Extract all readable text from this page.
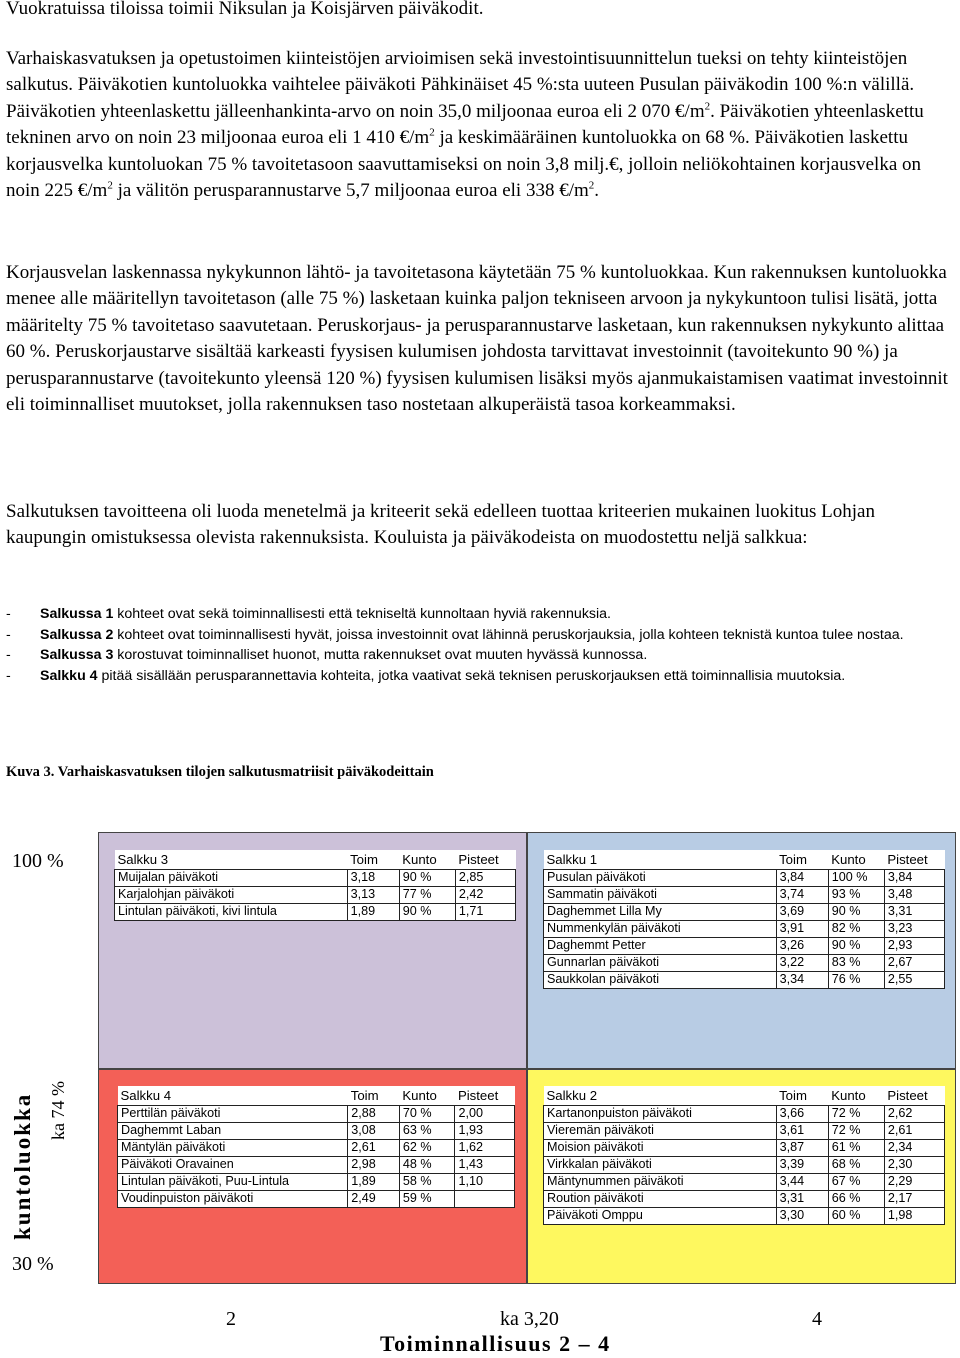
Vuokratuissa tiloissa toimii Niksulan ja Koisjärven päiväkodit.

Varhaiskasvatuksen ja opetustoimen kiinteistöjen arvioimisen sekä investointisuunnittelun tueksi on tehty kiinteistöjen salkutus. Päiväkotien kuntoluokka vaihtelee päiväkoti Pähkinäiset 45 %:sta uuteen Pusulan päiväkodin 100 %:n välillä. Päiväkotien yhteenlaskettu jälleenhankinta-arvo on noin 35,0 miljoonaa euroa eli 2 070 $€/m^2$. Päiväkotien yhteenlaskettu tekninen arvo on noin 23 miljoonaa euroa eli 1 410 $€/m^2$ ja keskimääräinen kuntoluokka on 68 %. Päiväkotien laskettu korjausvelka kuntoluokan 75 % tavoitetasoon saavuttamiseksi on noin 3,8 milj.€, jolloin neliökohtainen korjausvelka on noin 225 $€/m^2$ ja välitön perusparannustarve 5,7 miljoonaa euroa eli 338 $€/m^2$.

Korjausvelan laskennassa nykykunnon lähtö- ja tavoitetasona käytetään 75 % kuntoluokkaa. Kun rakennuksen kuntoluokka menee alle määritellyn tavoitetason (alle 75 %) lasketaan kuinka paljon tekniseen arvoon ja nykykuntoon tulisi lisätä, jotta määritelty 75 % tavoitetaso saavutetaan. Peruskorjaus- ja perusparannustarve lasketaan, kun rakennuksen nykykunto alittaa 60 %. Peruskorjaustarve sisältää karkeasti fyysisen kulumisen johdosta tarvittavat investoinnit (tavoitekunto 90 %) ja perusparannustarve (tavoitekunto yleensä 120 %) fyysisen kulumisen lisäksi myös ajanmukaistamisen vaatimat investoinnit eli toiminnalliset muutokset, jolla rakennuksen taso nostetaan alkuperäistä tasoa korkeammaksi.

Salkutuksen tavoitteena oli luoda menetelmä ja kriteerit sekä edelleen tuottaa kriteerien mukainen luokitus Lohjan kaupungin omistuksessa olevista rakennuksista. Kouluista ja päiväkodeista on muodostettu neljä salkkua:

-	Salkussa 1 kohteet ovat sekä toiminnallisesti että tekniseltä kunnoltaan hyviä rakennuksia.
-	Salkussa 2 kohteet ovat toiminnallisesti hyvät, joissa investoinnit ovat lähinnä peruskorjauksia, jolla kohteen teknistä kuntoa tulee nostaa.
-	Salkussa 3 korostuvat toiminnalliset huonot, mutta rakennukset ovat muuten hyvässä kunnossa.
-	Salkku 4 pitää sisällään perusparannettavia kohteita, jotka vaativat sekä teknisen peruskorjauksen että toiminnallisia muutoksia.
Kuva 3. Varhaiskasvatuksen tilojen salkutusmatriisit päiväkodeittain
Salkku 3	Toim	Kunto	Pisteet
Muijalan päiväkoti	3,18	90 %	2,85
Karjalohjan päiväkoti	3,13	77 %	2,42
Lintulan päiväkoti, kivi lintula	1,89	90 %	1,71
Salkku 1	Toim	Kunto	Pisteet
Pusulan päiväkoti	3,84	100 %	3,84
Sammatin päiväkoti	3,74	93 %	3,48
Daghemmet Lilla My	3,69	90 %	3,31
Nummenkylän päiväkoti	3,91	82 %	3,23
Daghemmt Petter	3,26	90 %	2,93
Gunnarlan päiväkoti	3,22	83 %	2,67
Saukkolan päiväkoti	3,34	76 %	2,55
Salkku 4	Toim	Kunto	Pisteet
Perttilän päiväkoti	2,88	70 %	2,00
Daghemmt Laban	3,08	63 %	1,93
Mäntylän päiväkoti	2,61	62 %	1,62
Päiväkoti Oravainen	2,98	48 %	1,43
Lintulan päiväkoti, Puu-Lintula	1,89	58 %	1,10
Voudinpuiston päiväkoti	2,49	59 %	
Salkku 2	Toim	Kunto	Pisteet
Kartanonpuiston päiväkoti	3,66	72 %	2,62
Vieremän päiväkoti	3,61	72 %	2,61
Moision päiväkoti	3,87	61 %	2,34
Virkkalan päiväkoti	3,39	68 %	2,30
Mäntynummen päiväkoti	3,44	67 %	2,29
Roution päiväkoti	3,31	66 %	2,17
Päiväkoti Omppu	3,30	60 %	1,98
100 %
ka 74 %
kuntoluokka
30 %
2	ka 3,20	4
Toiminnallisuus 2 – 4
